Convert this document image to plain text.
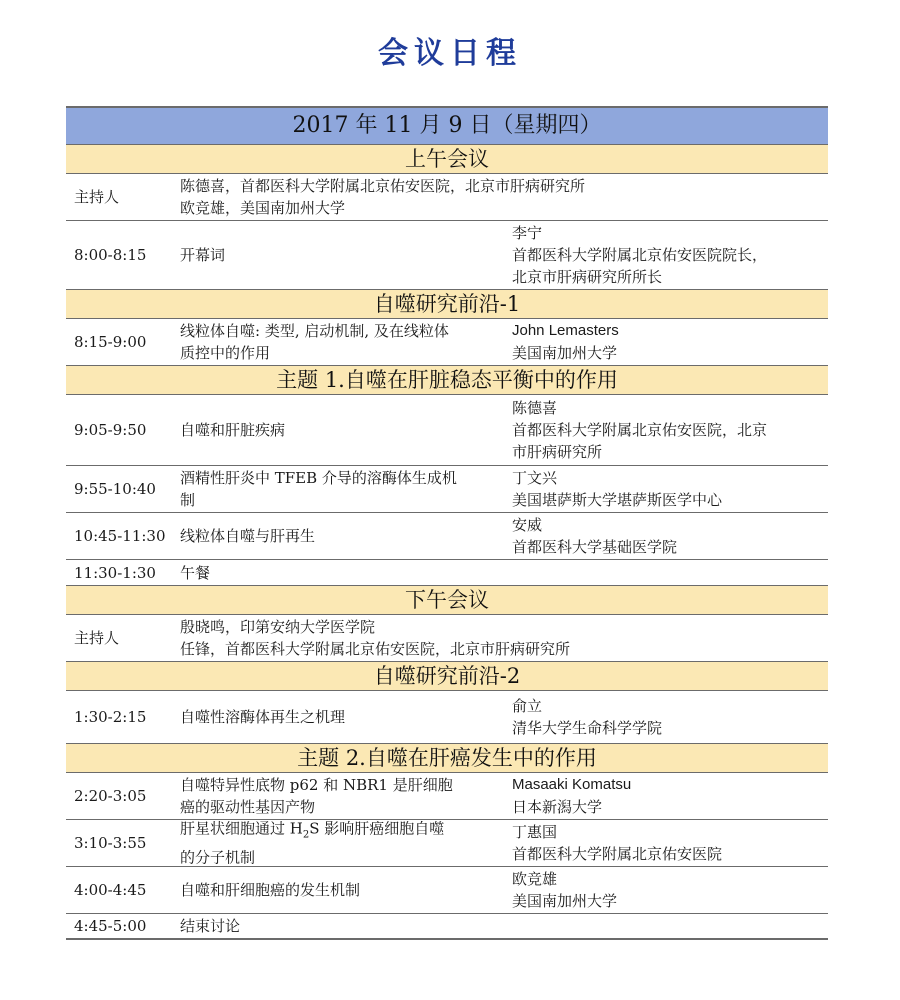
会议日程
2017 年 11 月 9 日（星期四）
上午会议
主持人
陈德喜，首都医科大学附属北京佑安医院，北京市肝病研究所
欧竞雄，美国南加州大学
8:00-8:15 开幕词
李宁
首都医科大学附属北京佑安医院院长，
北京市肝病研究所所长
自噬研究前沿-1
8:15-9:00
线粒体自噬: 类型, 启动机制, 及在线粒体
质控中的作用
John Lemasters
美国南加州大学
主题 1.自噬在肝脏稳态平衡中的作用
9:05-9:50 自噬和肝脏疾病
陈德喜
首都医科大学附属北京佑安医院，北京
市肝病研究所
9:55-10:40
酒精性肝炎中 TFEB 介导的溶酶体生成机
制
丁文兴
美国堪萨斯大学堪萨斯医学中心
10:45-11:30 线粒体自噬与肝再生
安威
首都医科大学基础医学院
11:30-1:30 午餐
下午会议
主持人
殷晓鸣，印第安纳大学医学院
任锋，首都医科大学附属北京佑安医院，北京市肝病研究所
自噬研究前沿-2
1:30-2:15 自噬性溶酶体再生之机理
俞立
清华大学生命科学学院
主题 2.自噬在肝癌发生中的作用
2:20-3:05
自噬特异性底物 p62 和 NBR1 是肝细胞
癌的驱动性基因产物
Masaaki Komatsu
日本新潟大学
3:10-3:55
肝星状细胞通过 $H_2S$ 影响肝癌细胞自噬
的分子机制
丁惠国
首都医科大学附属北京佑安医院
4:00-4:45 自噬和肝细胞癌的发生机制
欧竞雄
美国南加州大学
4:45-5:00 结束讨论
